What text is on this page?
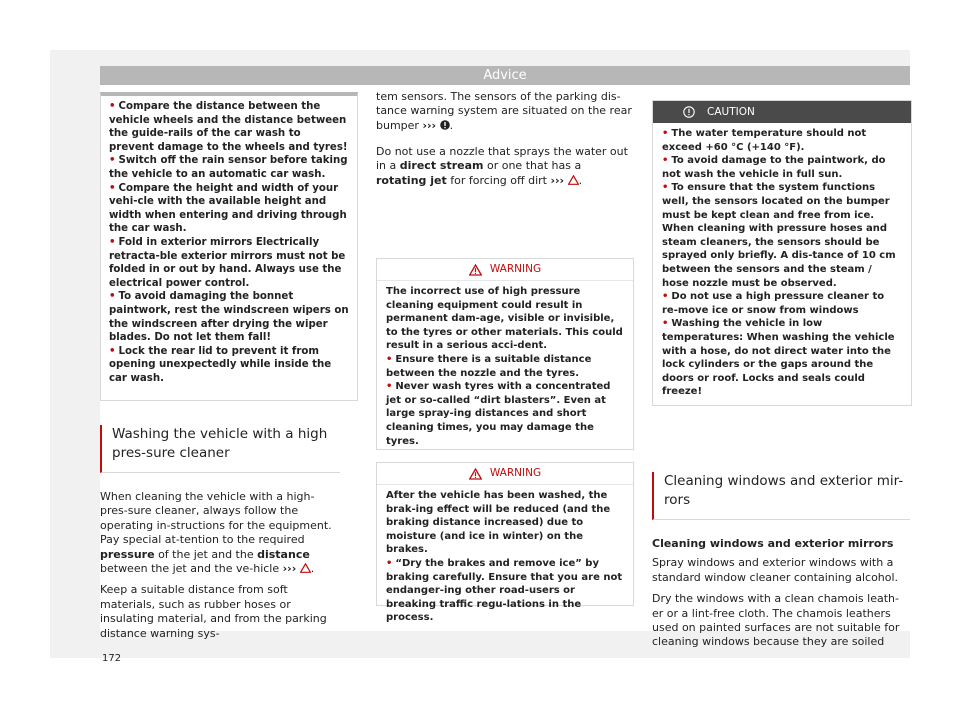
Advice

• Compare the distance between the vehicle wheels and the distance between the guide-rails of the car wash to prevent damage to the wheels and tyres!

• Switch off the rain sensor before taking the vehicle to an automatic car wash.

• Compare the height and width of your vehi-cle with the available height and width when entering and driving through the car wash.

• Fold in exterior mirrors Electrically retracta-ble exterior mirrors must not be folded in or out by hand. Always use the electrical power control.

• To avoid damaging the bonnet paintwork, rest the windscreen wipers on the windscreen after drying the wiper blades. Do not let them fall!

• Lock the rear lid to prevent it from opening unexpectedly while inside the car wash.

Washing the vehicle with a high pres-sure cleaner

When cleaning the vehicle with a high-pres-sure cleaner, always follow the operating in-structions for the equipment. Pay special at-tention to the required pressure of the jet and the distance between the jet and the ve-hicle ››› .

Keep a suitable distance from soft materials, such as rubber hoses or insulating material, and from the parking distance warning sys-

172

tem sensors. The sensors of the parking dis-tance warning system are situated on the rear bumper ››› .

Do not use a nozzle that sprays the water out in a direct stream or one that has a rotating jet for forcing off dirt ››› .

WARNING

The incorrect use of high pressure cleaning equipment could result in permanent dam-age, visible or invisible, to the tyres or other materials. This could result in a serious acci-dent.

• Ensure there is a suitable distance between the nozzle and the tyres.

• Never wash tyres with a concentrated jet or so-called “dirt blasters”. Even at large spray-ing distances and short cleaning times, you may damage the tyres.

WARNING

After the vehicle has been washed, the brak-ing effect will be reduced (and the braking distance increased) due to moisture (and ice in winter) on the brakes.

• “Dry the brakes and remove ice” by braking carefully. Ensure that you are not endanger-ing other road-users or breaking traffic regu-lations in the process.

CAUTION

• The water temperature should not exceed +60 °C (+140 °F).

• To avoid damage to the paintwork, do not wash the vehicle in full sun.

• To ensure that the system functions well, the sensors located on the bumper must be kept clean and free from ice. When cleaning with pressure hoses and steam cleaners, the sensors should be sprayed only briefly. A dis-tance of 10 cm between the sensors and the steam / hose nozzle must be observed.

• Do not use a high pressure cleaner to re-move ice or snow from windows

• Washing the vehicle in low temperatures: When washing the vehicle with a hose, do not direct water into the lock cylinders or the gaps around the doors or roof. Locks and seals could freeze!

Cleaning windows and exterior mir-rors

Cleaning windows and exterior mirrors

Spray windows and exterior windows with a standard window cleaner containing alcohol.

Dry the windows with a clean chamois leath-er or a lint-free cloth. The chamois leathers used on painted surfaces are not suitable for cleaning windows because they are soiled
